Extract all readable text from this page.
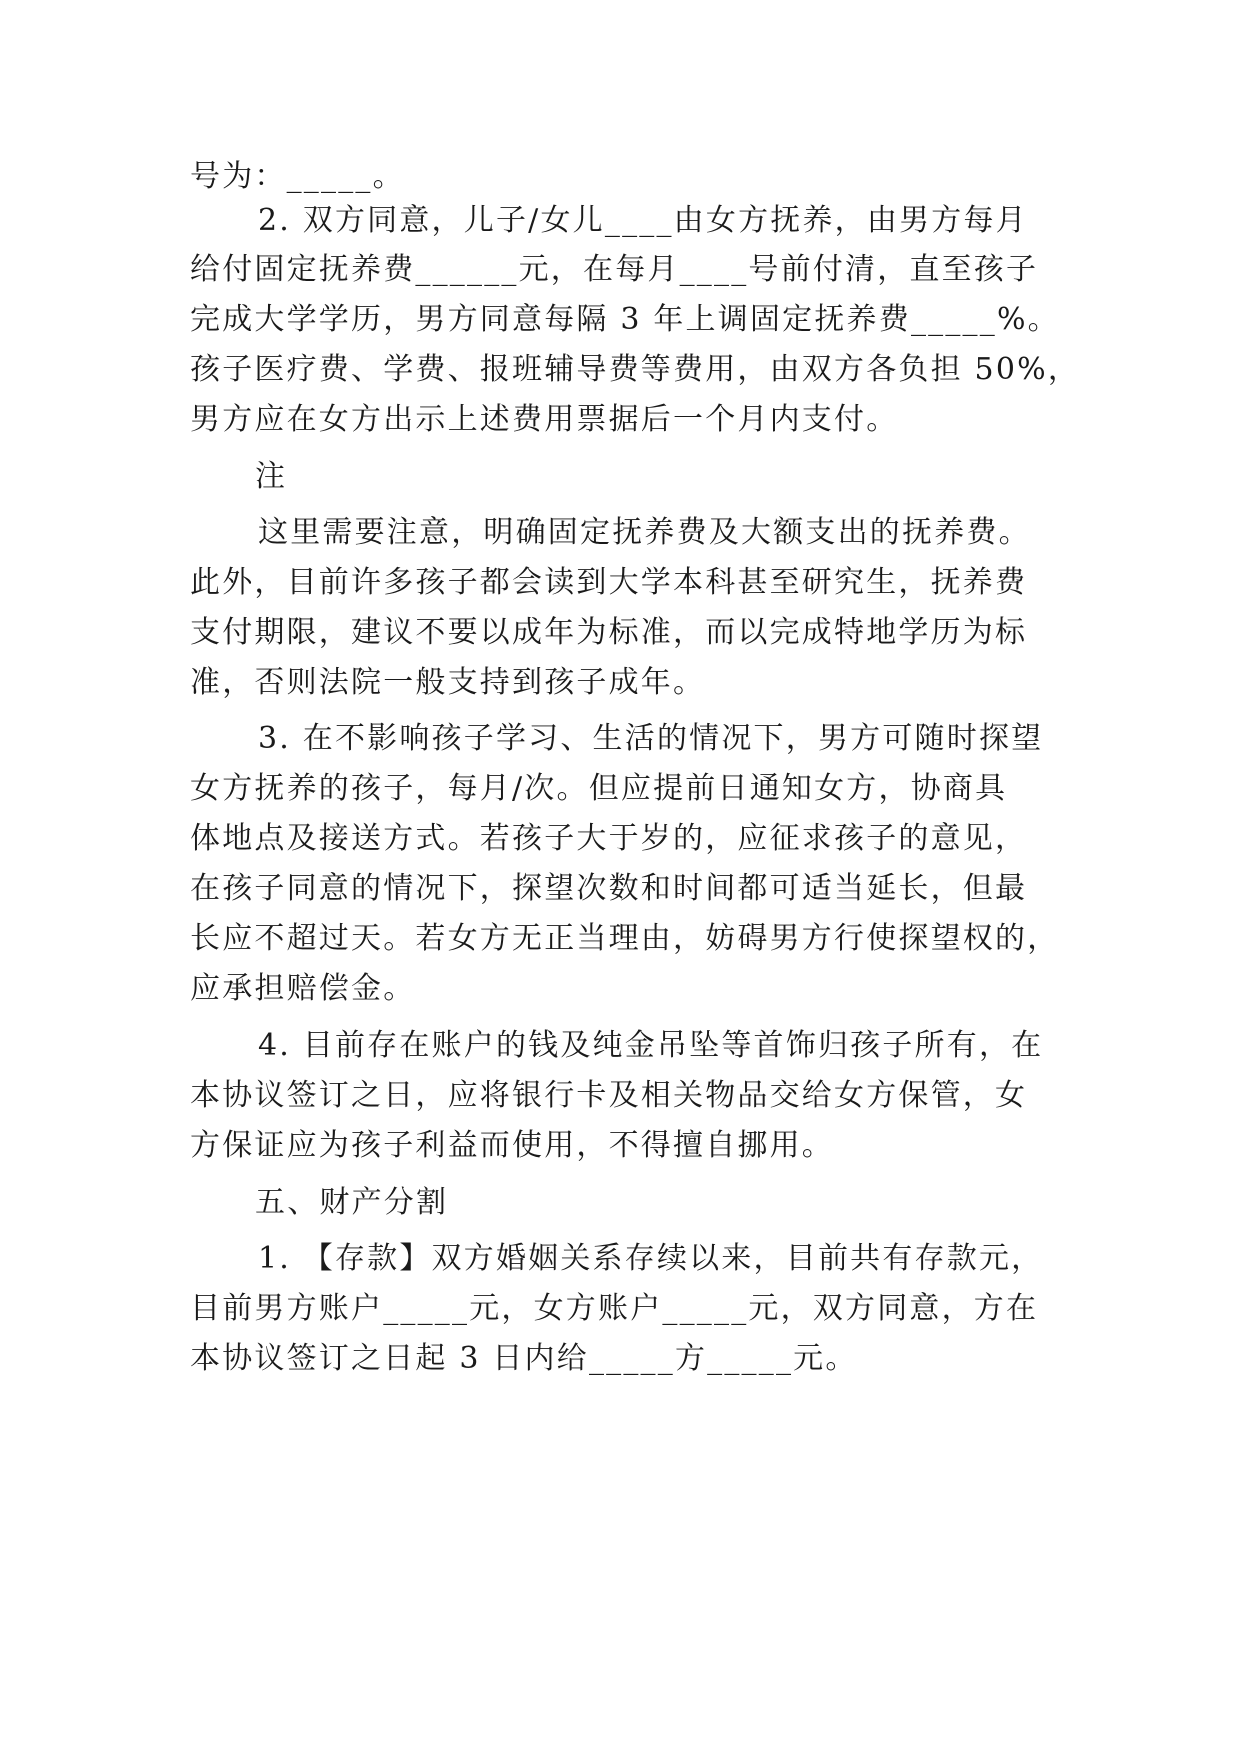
号为：_____。
2. 双方同意，儿子/女儿____由女方抚养，由男方每月
给付固定抚养费______元，在每月____号前付清，直至孩子
完成大学学历，男方同意每隔 3 年上调固定抚养费_____%。
孩子医疗费、学费、报班辅导费等费用，由双方各负担 50%，
男方应在女方出示上述费用票据后一个月内支付。
注
这里需要注意，明确固定抚养费及大额支出的抚养费。
此外，目前许多孩子都会读到大学本科甚至研究生，抚养费
支付期限，建议不要以成年为标准，而以完成特地学历为标
准，否则法院一般支持到孩子成年。
3. 在不影响孩子学习、生活的情况下，男方可随时探望
女方抚养的孩子，每月/次。但应提前日通知女方，协商具
体地点及接送方式。若孩子大于岁的，应征求孩子的意见，
在孩子同意的情况下，探望次数和时间都可适当延长，但最
长应不超过天。若女方无正当理由，妨碍男方行使探望权的，
应承担赔偿金。
4. 目前存在账户的钱及纯金吊坠等首饰归孩子所有，在
本协议签订之日，应将银行卡及相关物品交给女方保管，女
方保证应为孩子利益而使用，不得擅自挪用。
五、财产分割
1. 【存款】双方婚姻关系存续以来，目前共有存款元，
目前男方账户_____元，女方账户_____元，双方同意，方在
本协议签订之日起 3 日内给_____方_____元。
